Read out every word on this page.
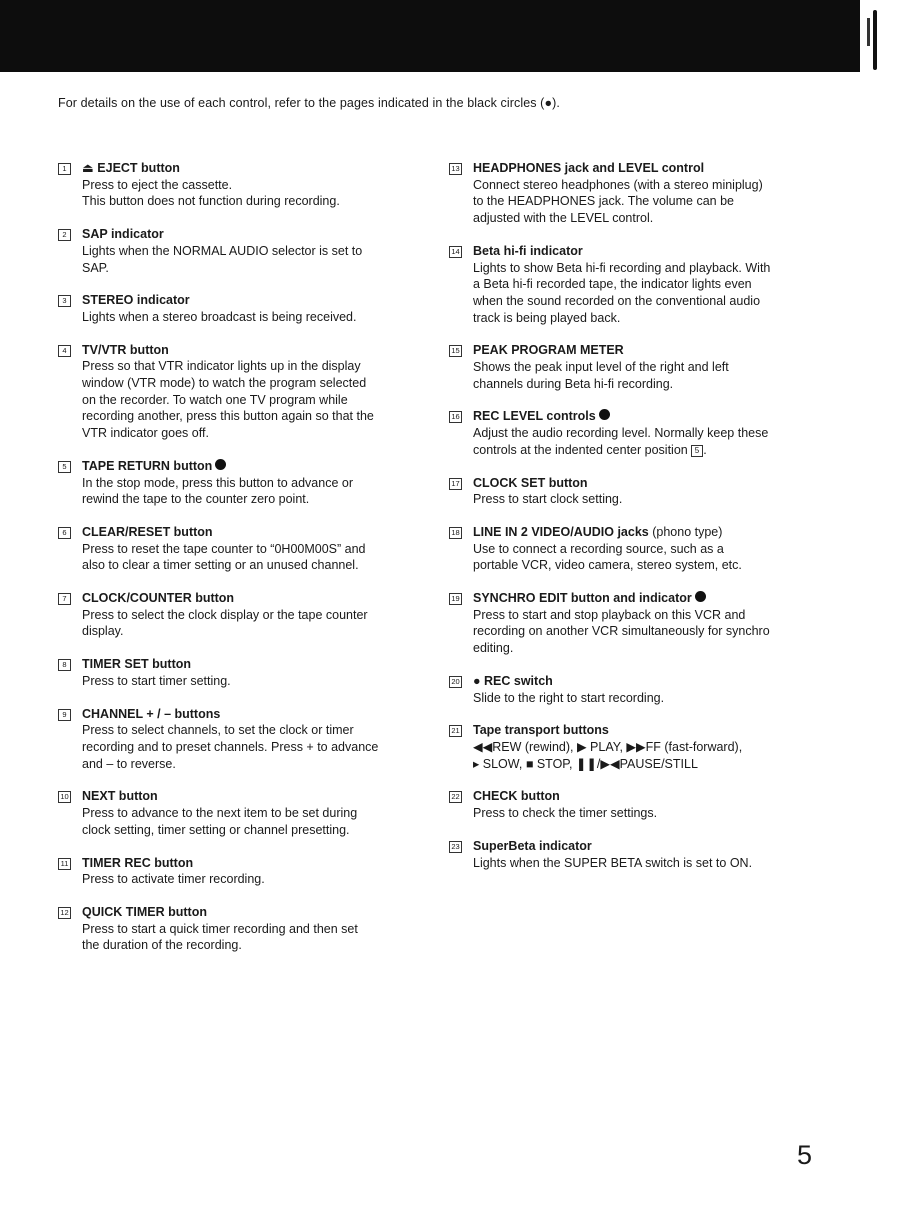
For details on the use of each control, refer to the pages indicated in the black circles (●).
1	⏏ EJECT button
Press to eject the cassette.
This button does not function during recording.
2	SAP indicator
Lights when the NORMAL AUDIO selector is set to
SAP.
3	STEREO indicator
Lights when a stereo broadcast is being received.
4	TV/VTR button
Press so that VTR indicator lights up in the display
window (VTR mode) to watch the program selected
on the recorder. To watch one TV program while
recording another, press this button again so that the
VTR indicator goes off.
5	TAPE RETURN button
In the stop mode, press this button to advance or
rewind the tape to the counter zero point.
6	CLEAR/RESET button
Press to reset the tape counter to “0H00M00S” and
also to clear a timer setting or an unused channel.
7	CLOCK/COUNTER button
Press to select the clock display or the tape counter
display.
8	TIMER SET button
Press to start timer setting.
9	CHANNEL + / – buttons
Press to select channels, to set the clock or timer
recording and to preset channels. Press + to advance
and – to reverse.
10 NEXT button
Press to advance to the next item to be set during
clock setting, timer setting or channel presetting.
11 TIMER REC button
Press to activate timer recording.
12 QUICK TIMER button
Press to start a quick timer recording and then set
the duration of the recording.
13 HEADPHONES jack and LEVEL control
Connect stereo headphones (with a stereo miniplug)
to the HEADPHONES jack. The volume can be
adjusted with the LEVEL control.
14 Beta hi-fi indicator
Lights to show Beta hi-fi recording and playback. With
a Beta hi-fi recorded tape, the indicator lights even
when the sound recorded on the conventional audio
track is being played back.
15 PEAK PROGRAM METER
Shows the peak input level of the right and left
channels during Beta hi-fi recording.
16 REC LEVEL controls
Adjust the audio recording level. Normally keep these
controls at the indented center position 5 .
17 CLOCK SET button
Press to start clock setting.
18 LINE IN 2 VIDEO/AUDIO jacks (phono type)
Use to connect a recording source, such as a
portable VCR, video camera, stereo system, etc.
19 SYNCHRO EDIT button and indicator
Press to start and stop playback on this VCR and
recording on another VCR simultaneously for synchro
editing.
20 ● REC switch
Slide to the right to start recording.
21 Tape transport buttons
◀◀REW (rewind), ▶ PLAY, ▶▶FF (fast-forward),
▸ SLOW, ■ STOP, ❚❚/▶◀PAUSE/STILL
22 CHECK button
Press to check the timer settings.
23 SuperBeta indicator
Lights when the SUPER BETA switch is set to ON.
5
